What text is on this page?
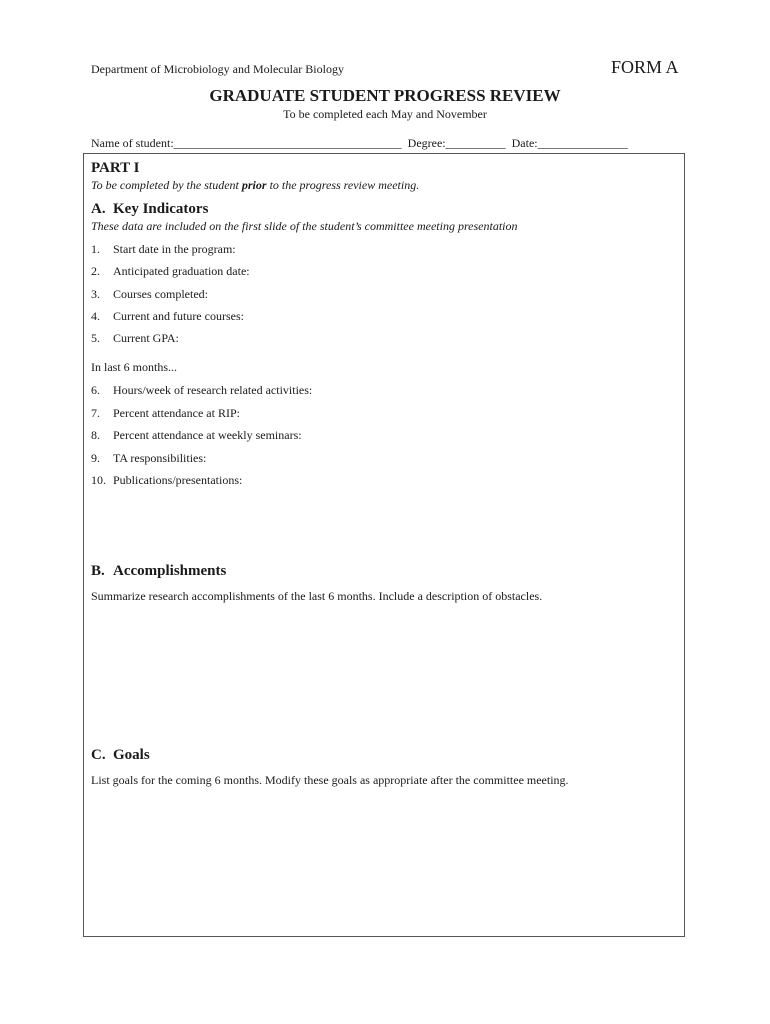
Department of Microbiology and Molecular Biology	FORM A
GRADUATE STUDENT PROGRESS REVIEW
To be completed each May and November
Name of student:______________________________________ Degree:__________ Date:_______________
PART I
To be completed by the student prior to the progress review meeting.
A. Key Indicators
These data are included on the first slide of the student’s committee meeting presentation
1. Start date in the program:
2. Anticipated graduation date:
3. Courses completed:
4. Current and future courses:
5. Current GPA:
In last 6 months...
6. Hours/week of research related activities:
7. Percent attendance at RIP:
8. Percent attendance at weekly seminars:
9. TA responsibilities:
10. Publications/presentations:
B. Accomplishments
Summarize research accomplishments of the last 6 months. Include a description of obstacles.
C. Goals
List goals for the coming 6 months. Modify these goals as appropriate after the committee meeting.
